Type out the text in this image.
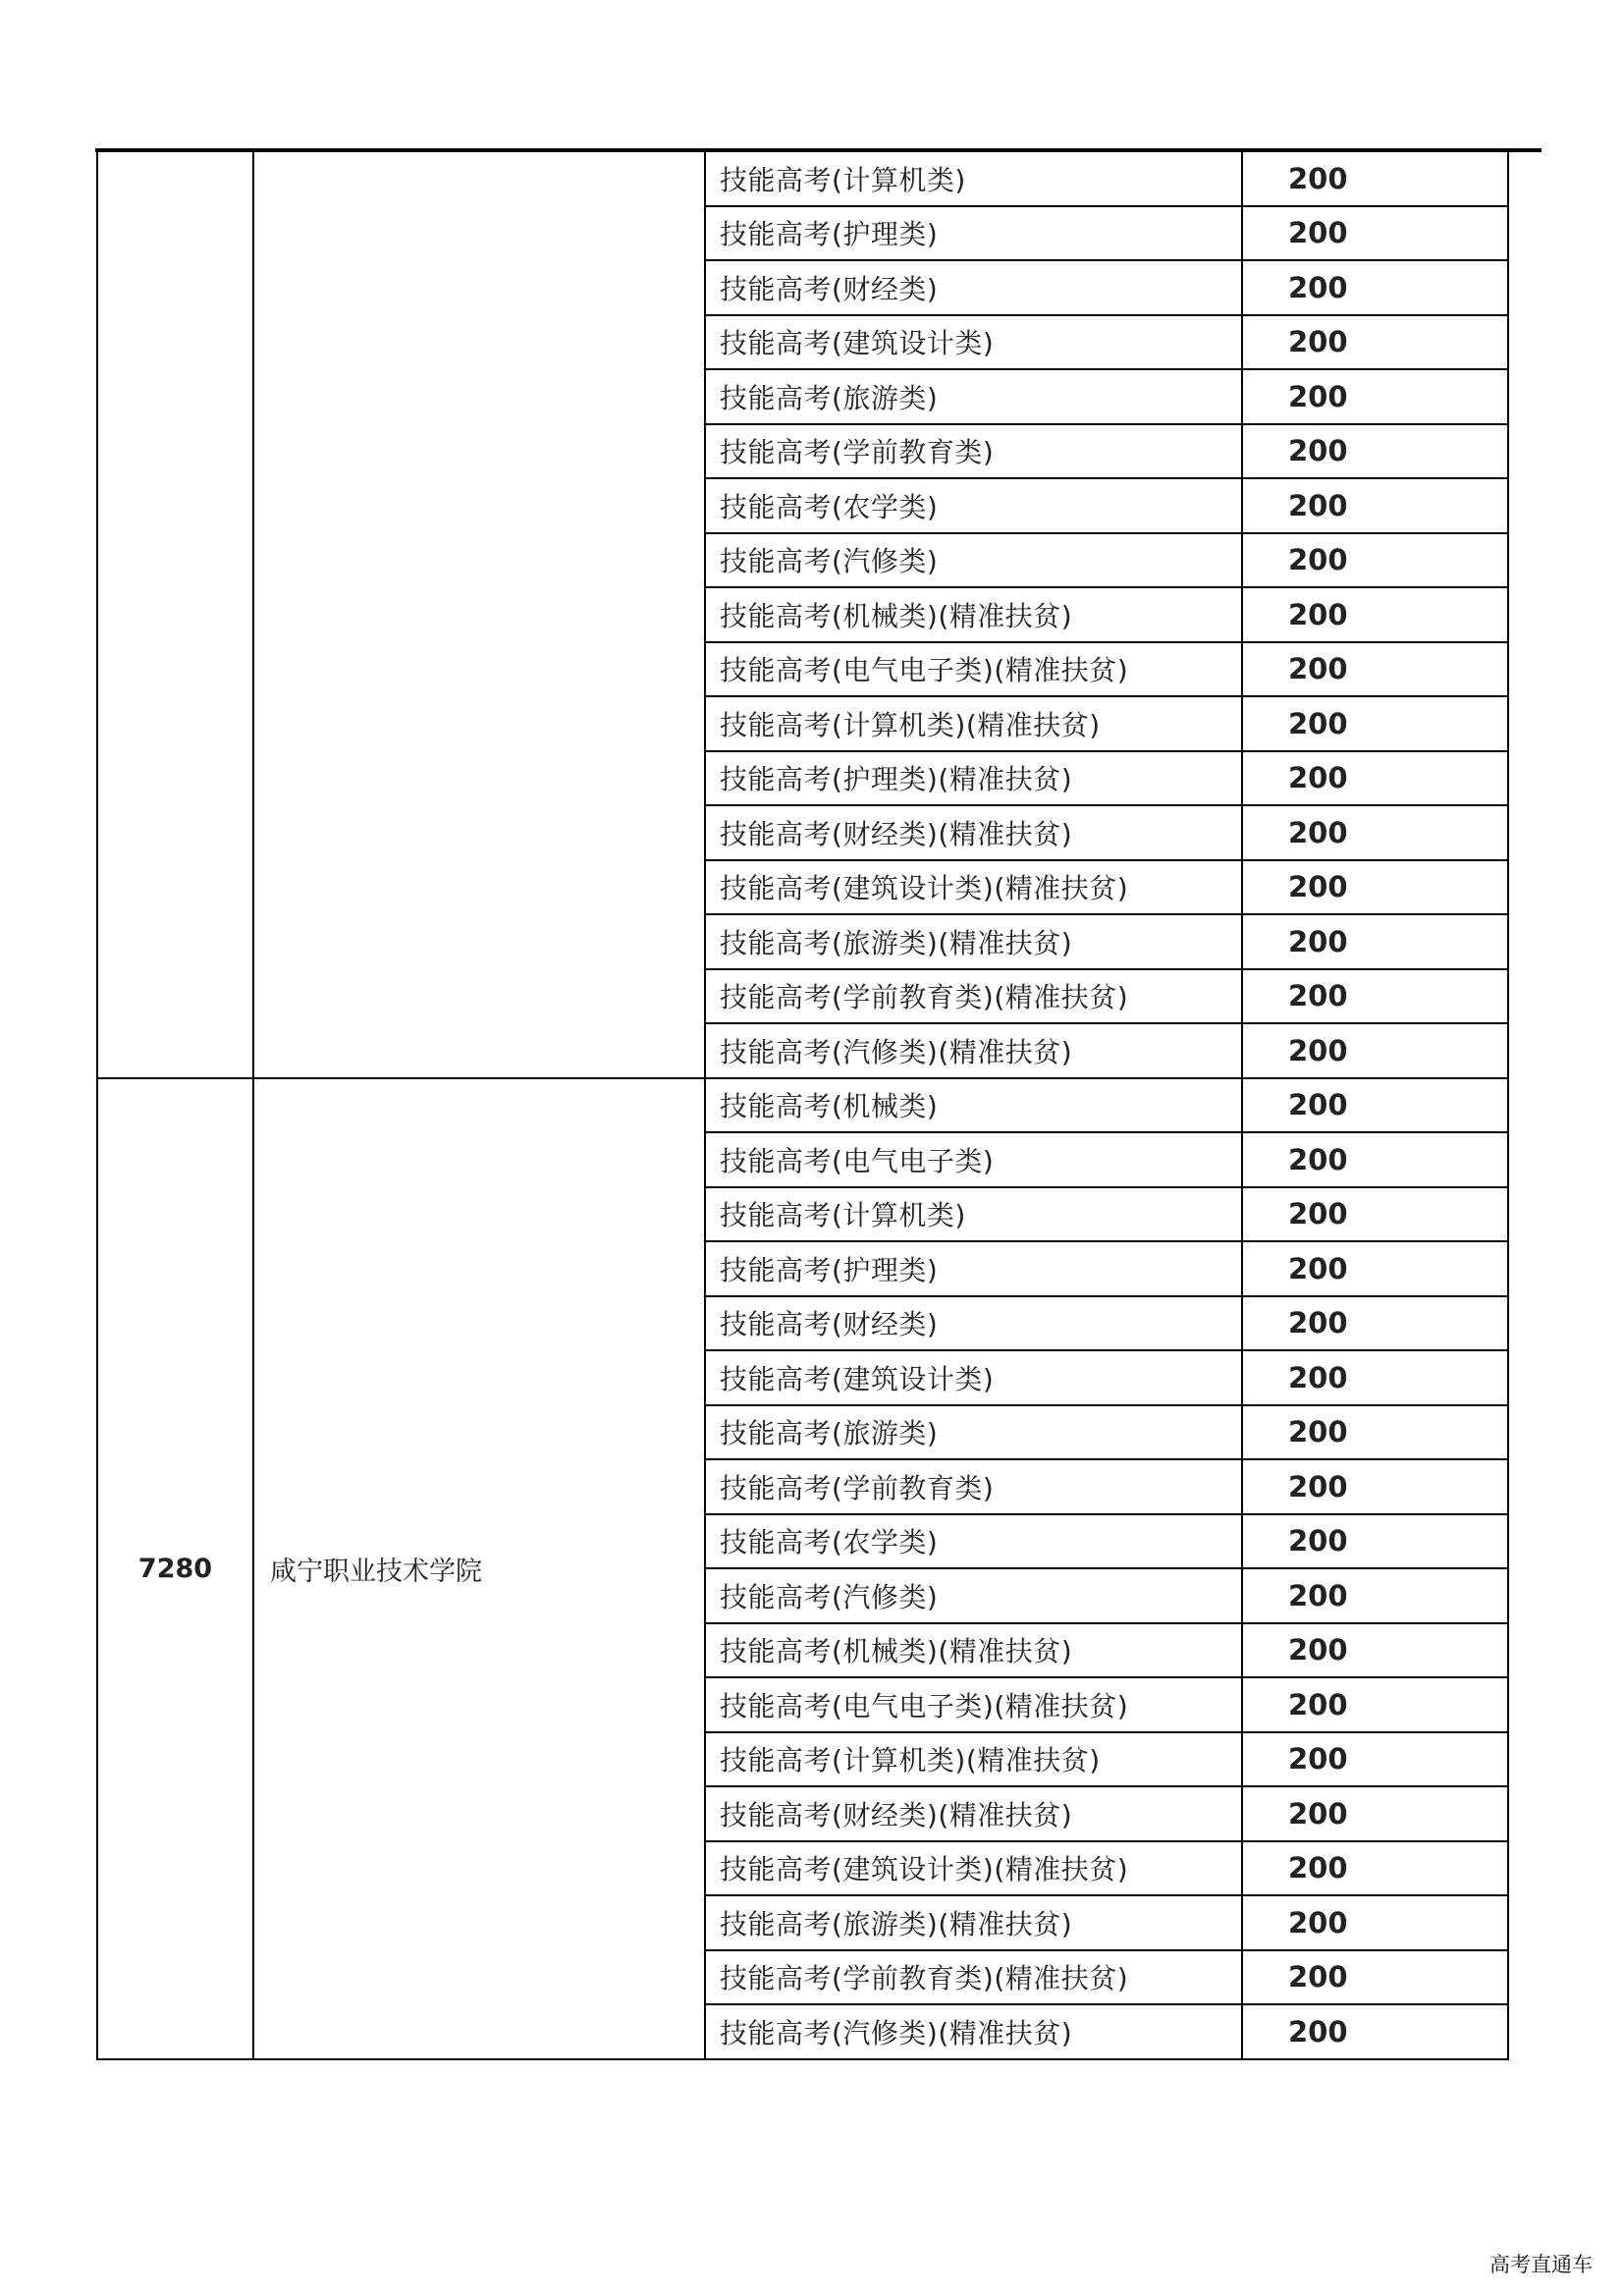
		技能高考(计算机类)	200
		技能高考(护理类)	200
		技能高考(财经类)	200
		技能高考(建筑设计类)	200
		技能高考(旅游类)	200
		技能高考(学前教育类)	200
		技能高考(农学类)	200
		技能高考(汽修类)	200
		技能高考(机械类)(精准扶贫)	200
		技能高考(电气电子类)(精准扶贫)	200
		技能高考(计算机类)(精准扶贫)	200
		技能高考(护理类)(精准扶贫)	200
		技能高考(财经类)(精准扶贫)	200
		技能高考(建筑设计类)(精准扶贫)	200
		技能高考(旅游类)(精准扶贫)	200
		技能高考(学前教育类)(精准扶贫)	200
		技能高考(汽修类)(精准扶贫)	200
7280	咸宁职业技术学院	技能高考(机械类)	200
		技能高考(电气电子类)	200
		技能高考(计算机类)	200
		技能高考(护理类)	200
		技能高考(财经类)	200
		技能高考(建筑设计类)	200
		技能高考(旅游类)	200
		技能高考(学前教育类)	200
		技能高考(农学类)	200
		技能高考(汽修类)	200
		技能高考(机械类)(精准扶贫)	200
		技能高考(电气电子类)(精准扶贫)	200
		技能高考(计算机类)(精准扶贫)	200
		技能高考(财经类)(精准扶贫)	200
		技能高考(建筑设计类)(精准扶贫)	200
		技能高考(旅游类)(精准扶贫)	200
		技能高考(学前教育类)(精准扶贫)	200
		技能高考(汽修类)(精准扶贫)	200
高考直通车
